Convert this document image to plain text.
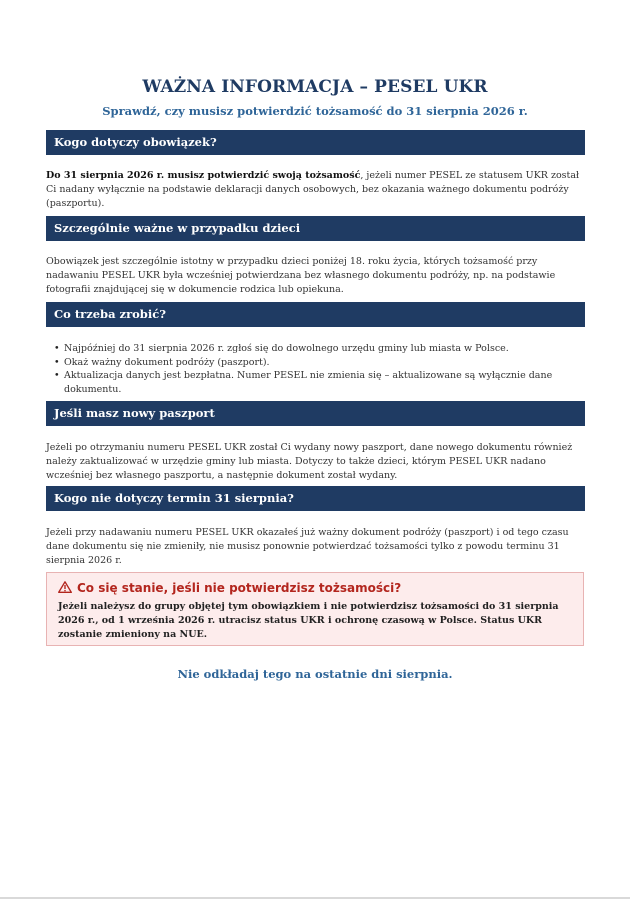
WAŻNA INFORMACJA – PESEL UKR
Sprawdź, czy musisz potwierdzić tożsamość do 31 sierpnia 2026 r.
Kogo dotyczy obowiązek?
Do 31 sierpnia 2026 r. musisz potwierdzić swoją tożsamość, jeżeli numer PESEL ze statusem UKR został Ci nadany wyłącznie na podstawie deklaracji danych osobowych, bez okazania ważnego dokumentu podróży (paszportu).
Szczególnie ważne w przypadku dzieci
Obowiązek jest szczególnie istotny w przypadku dzieci poniżej 18. roku życia, których tożsamość przy nadawaniu PESEL UKR była wcześniej potwierdzana bez własnego dokumentu podróży, np. na podstawie fotografii znajdującej się w dokumencie rodzica lub opiekuna.
Co trzeba zrobić?
• Najpóźniej do 31 sierpnia 2026 r. zgłoś się do dowolnego urzędu gminy lub miasta w Polsce.
• Okaż ważny dokument podróży (paszport).
• Aktualizacja danych jest bezpłatna. Numer PESEL nie zmienia się – aktualizowane są wyłącznie dane dokumentu.
Jeśli masz nowy paszport
Jeżeli po otrzymaniu numeru PESEL UKR został Ci wydany nowy paszport, dane nowego dokumentu również należy zaktualizować w urzędzie gminy lub miasta. Dotyczy to także dzieci, którym PESEL UKR nadano wcześniej bez własnego paszportu, a następnie dokument został wydany.
Kogo nie dotyczy termin 31 sierpnia?
Jeżeli przy nadawaniu numeru PESEL UKR okazałeś już ważny dokument podróży (paszport) i od tego czasu dane dokumentu się nie zmieniły, nie musisz ponownie potwierdzać tożsamości tylko z powodu terminu 31 sierpnia 2026 r.
Co się stanie, jeśli nie potwierdzisz tożsamości?
Jeżeli należysz do grupy objętej tym obowiązkiem i nie potwierdzisz tożsamości do 31 sierpnia 2026 r., od 1 września 2026 r. utracisz status UKR i ochronę czasową w Polsce. Status UKR zostanie zmieniony na NUE.
Nie odkładaj tego na ostatnie dni sierpnia.
